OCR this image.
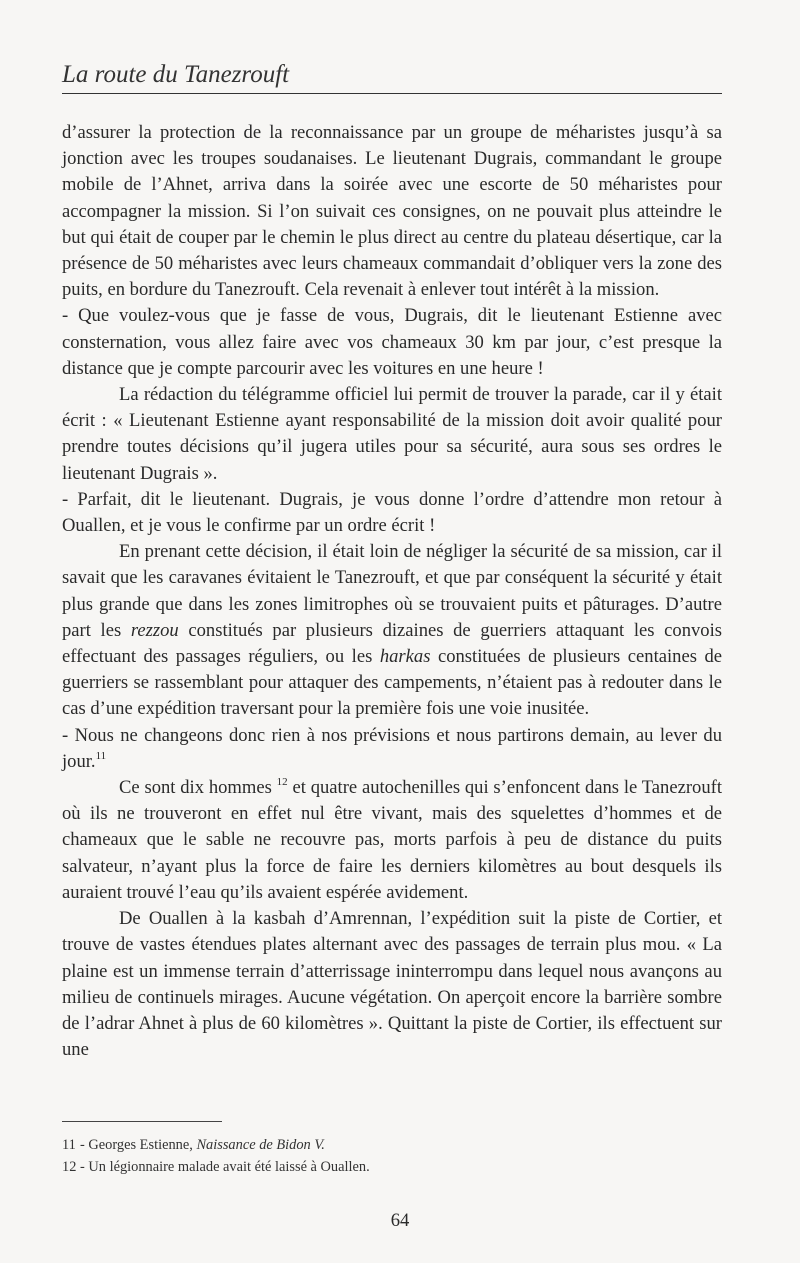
La route du Tanezrouft

d’assurer la protection de la reconnaissance par un groupe de méharistes jusqu’à sa jonction avec les troupes soudanaises. Le lieutenant Dugrais, commandant le groupe mobile de l’Ahnet, arriva dans la soirée avec une escorte de 50 méharistes pour accompagner la mission. Si l’on suivait ces consignes, on ne pouvait plus atteindre le but qui était de couper par le chemin le plus direct au centre du plateau désertique, car la présence de 50 méharistes avec leurs chameaux commandait d’obliquer vers la zone des puits, en bordure du Tanezrouft. Cela revenait à enlever tout intérêt à la mission.

- Que voulez-vous que je fasse de vous, Dugrais, dit le lieutenant Estienne avec consternation, vous allez faire avec vos chameaux 30 km par jour, c’est presque la distance que je compte parcourir avec les voitures en une heure !

La rédaction du télégramme officiel lui permit de trouver la parade, car il y était écrit : « Lieutenant Estienne ayant responsabilité de la mission doit avoir qualité pour prendre toutes décisions qu’il jugera utiles pour sa sécurité, aura sous ses ordres le lieutenant Dugrais ».

- Parfait, dit le lieutenant. Dugrais, je vous donne l’ordre d’attendre mon retour à Ouallen, et je vous le confirme par un ordre écrit !

En prenant cette décision, il était loin de négliger la sécurité de sa mission, car il savait que les caravanes évitaient le Tanezrouft, et que par conséquent la sécurité y était plus grande que dans les zones limitrophes où se trouvaient puits et pâturages. D’autre part les rezzou constitués par plusieurs dizaines de guerriers attaquant les convois effectuant des passages réguliers, ou les harkas constituées de plusieurs centaines de guerriers se rassemblant pour attaquer des campements, n’étaient pas à redouter dans le cas d’une expédition traversant pour la première fois une voie inusitée.

- Nous ne changeons donc rien à nos prévisions et nous partirons demain, au lever du jour.$^{11}$

Ce sont dix hommes $^{12}$ et quatre autochenilles qui s’enfoncent dans le Tanezrouft où ils ne trouveront en effet nul être vivant, mais des squelettes d’hommes et de chameaux que le sable ne recouvre pas, morts parfois à peu de distance du puits salvateur, n’ayant plus la force de faire les derniers kilomètres au bout desquels ils auraient trouvé l’eau qu’ils avaient espérée avidement.

De Ouallen à la kasbah d’Amrennan, l’expédition suit la piste de Cortier, et trouve de vastes étendues plates alternant avec des passages de terrain plus mou. « La plaine est un immense terrain d’atterrissage ininterrompu dans lequel nous avançons au milieu de continuels mirages. Aucune végétation. On aperçoit encore la barrière sombre de l’adrar Ahnet à plus de 60 kilomètres ». Quittant la piste de Cortier, ils effectuent sur une

11 - Georges Estienne, Naissance de Bidon V.
12 - Un légionnaire malade avait été laissé à Ouallen.
64
